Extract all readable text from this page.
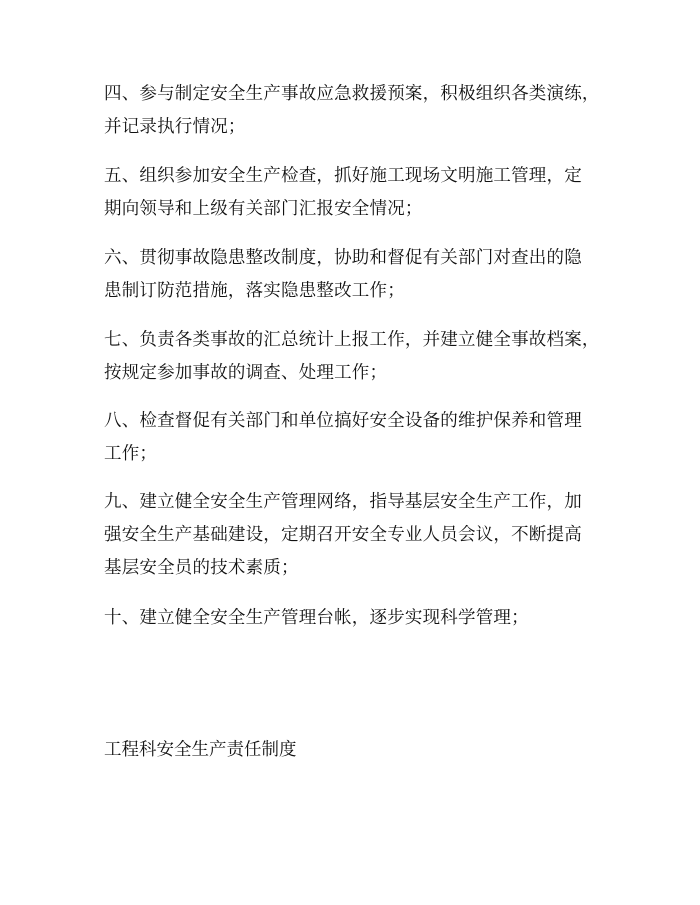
四、参与制定安全生产事故应急救援预案，积极组织各类演练，
并记录执行情况；

五、组织参加安全生产检查，抓好施工现场文明施工管理，定
期向领导和上级有关部门汇报安全情况；

六、贯彻事故隐患整改制度，协助和督促有关部门对查出的隐
患制订防范措施，落实隐患整改工作；

七、负责各类事故的汇总统计上报工作，并建立健全事故档案，
按规定参加事故的调查、处理工作；

八、检查督促有关部门和单位搞好安全设备的维护保养和管理
工作；

九、建立健全安全生产管理网络，指导基层安全生产工作，加
强安全生产基础建设，定期召开安全专业人员会议，不断提高
基层安全员的技术素质；

十、建立健全安全生产管理台帐，逐步实现科学管理；

工程科安全生产责任制度
